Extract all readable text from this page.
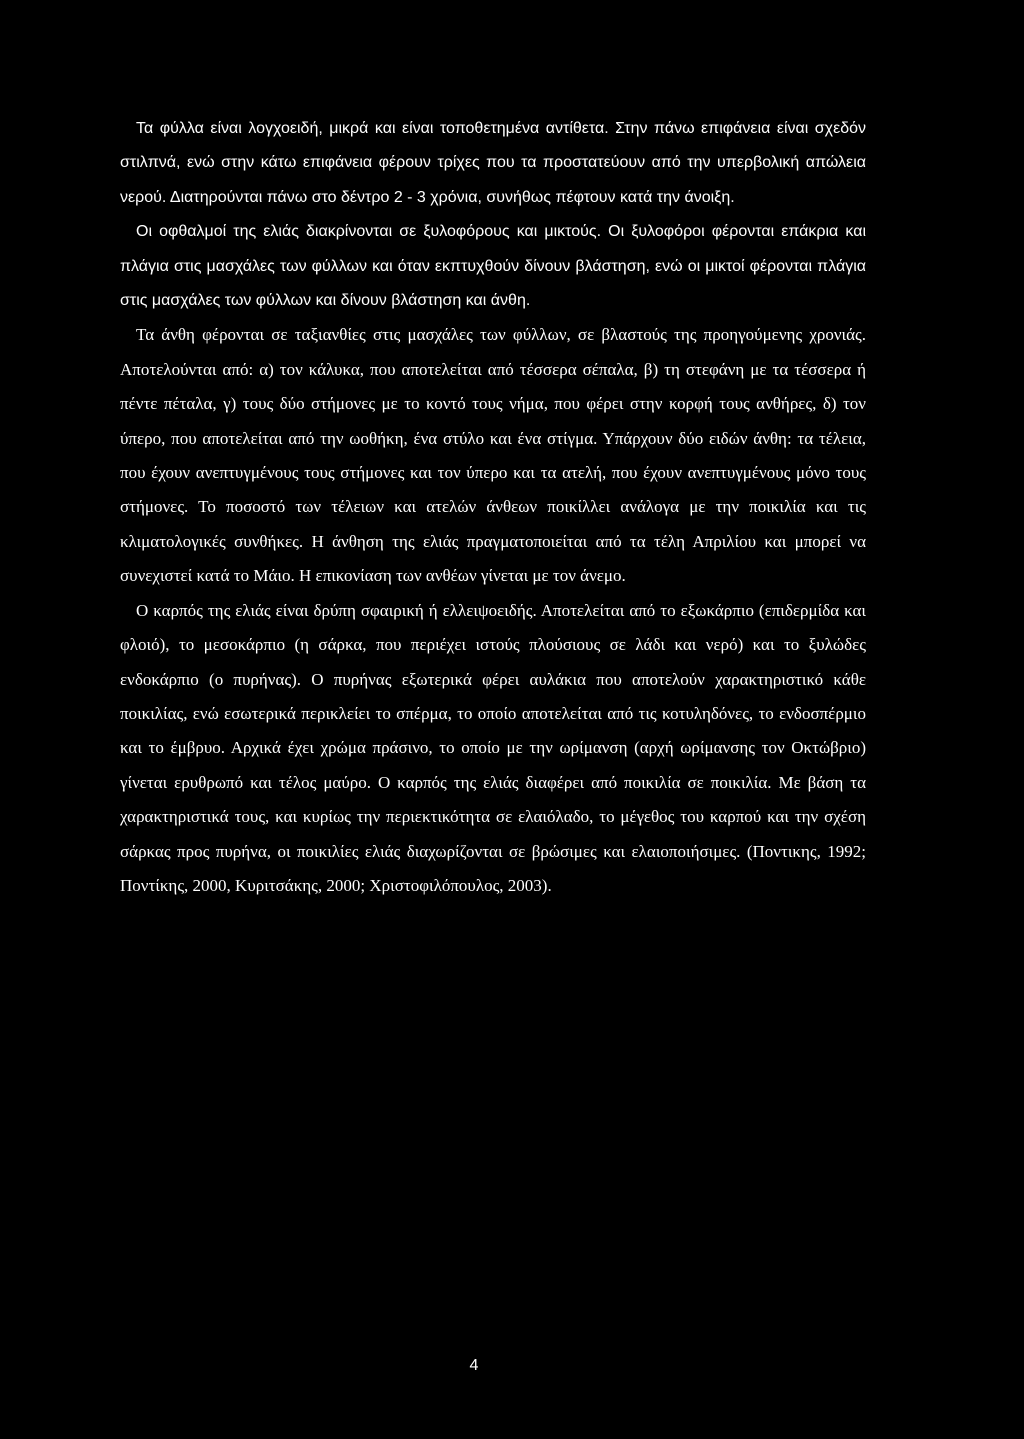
Τα φύλλα είναι λογχοειδή, μικρά και είναι τοποθετημένα αντίθετα. Στην πάνω επιφάνεια είναι σχεδόν στιλπνά, ενώ στην κάτω επιφάνεια φέρουν τρίχες που τα προστατεύουν από την υπερβολική απώλεια νερού. Διατηρούνται πάνω στο δέντρο 2 - 3 χρόνια, συνήθως πέφτουν κατά την άνοιξη.

Οι οφθαλμοί της ελιάς διακρίνονται σε ξυλοφόρους και μικτούς. Οι ξυλοφόροι φέρονται επάκρια και πλάγια στις μασχάλες των φύλλων και όταν εκπτυχθούν δίνουν βλάστηση, ενώ οι μικτοί φέρονται πλάγια στις μασχάλες των φύλλων και δίνουν βλάστηση και άνθη.

Τα άνθη φέρονται σε ταξιανθίες στις μασχάλες των φύλλων, σε βλαστούς της προηγούμενης χρονιάς. Αποτελούνται από: α) τον κάλυκα, που αποτελείται από τέσσερα σέπαλα, β) τη στεφάνη με τα τέσσερα ή πέντε πέταλα, γ) τους δύο στήμονες με το κοντό τους νήμα, που φέρει στην κορφή τους ανθήρες, δ) τον ύπερο, που αποτελείται από την ωοθήκη, ένα στύλο και ένα στίγμα. Υπάρχουν δύο ειδών άνθη: τα τέλεια, που έχουν ανεπτυγμένους τους στήμονες και τον ύπερο και τα ατελή, που έχουν ανεπτυγμένους μόνο τους στήμονες. Το ποσοστό των τέλειων και ατελών άνθεων ποικίλλει ανάλογα με την ποικιλία και τις κλιματολογικές συνθήκες. Η άνθηση της ελιάς πραγματοποιείται από τα τέλη Απριλίου και μπορεί να συνεχιστεί κατά το Μάιο. Η επικονίαση των ανθέων γίνεται με τον άνεμο.

Ο καρπός της ελιάς είναι δρύπη σφαιρική ή ελλειψοειδής. Αποτελείται από το εξωκάρπιο (επιδερμίδα και φλοιό), το μεσοκάρπιο (η σάρκα, που περιέχει ιστούς πλούσιους σε λάδι και νερό) και το ξυλώδες ενδοκάρπιο (ο πυρήνας). Ο πυρήνας εξωτερικά φέρει αυλάκια που αποτελούν χαρακτηριστικό κάθε ποικιλίας, ενώ εσωτερικά περικλείει το σπέρμα, το οποίο αποτελείται από τις κοτυληδόνες, το ενδοσπέρμιο και το έμβρυο. Αρχικά έχει χρώμα πράσινο, το οποίο με την ωρίμανση (αρχή ωρίμανσης τον Οκτώβριο) γίνεται ερυθρωπό και τέλος μαύρο. Ο καρπός της ελιάς διαφέρει από ποικιλία σε ποικιλία. Με βάση τα χαρακτηριστικά τους, και κυρίως την περιεκτικότητα σε ελαιόλαδο, το μέγεθος του καρπού και την σχέση σάρκας προς πυρήνα, οι ποικιλίες ελιάς διαχωρίζονται σε βρώσιμες και ελαιοποιήσιμες. (Ποντικης, 1992; Ποντίκης, 2000, Κυριτσάκης, 2000; Χριστοφιλόπουλος, 2003).

4
